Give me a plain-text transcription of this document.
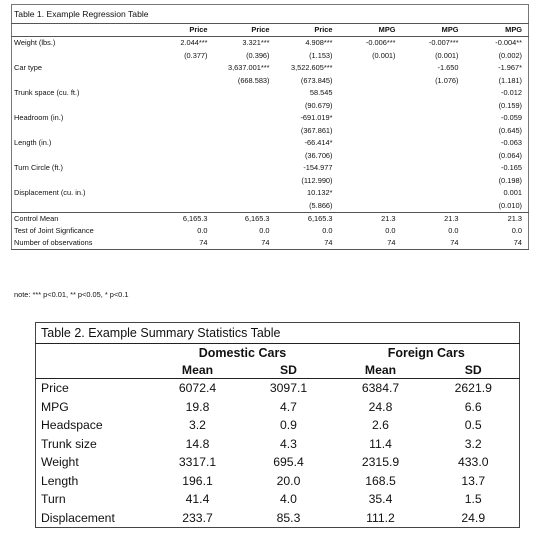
Table 1. Example Regression Table						
	Price	Price	Price	MPG	MPG	MPG
Weight (lbs.)	2.044***	3.321***	4.908***	-0.006***	-0.007***	-0.004**
	(0.377)	(0.396)	(1.153)	(0.001)	(0.001)	(0.002)
Car type		3,637.001***	3,522.605***		-1.650	-1.967*
		(668.583)	(673.845)		(1.076)	(1.181)
Trunk space (cu. ft.)			58.545			-0.012
			(90.679)			(0.159)
Headroom (in.)			-691.019*			-0.059
			(367.861)			(0.645)
Length (in.)			-66.414*			-0.063
			(36.706)			(0.064)
Turn Circle (ft.)			-154.977			-0.165
			(112.990)			(0.198)
Displacement (cu. in.)			10.132*			0.001
			(5.866)			(0.010)
Control Mean	6,165.3	6,165.3	6,165.3	21.3	21.3	21.3
Test of Joint Signficance	0.0	0.0	0.0	0.0	0.0	0.0
Number of observations	74	74	74	74	74	74
note: *** p<0.01, ** p<0.05, * p<0.1
Table 2. Example Summary Statistics Table				
	Domestic Cars		Foreign Cars	
	Mean	SD	Mean	SD
Price	6072.4	3097.1	6384.7	2621.9
MPG	19.8	4.7	24.8	6.6
Headspace	3.2	0.9	2.6	0.5
Trunk size	14.8	4.3	11.4	3.2
Weight	3317.1	695.4	2315.9	433.0
Length	196.1	20.0	168.5	13.7
Turn	41.4	4.0	35.4	1.5
Displacement	233.7	85.3	111.2	24.9
